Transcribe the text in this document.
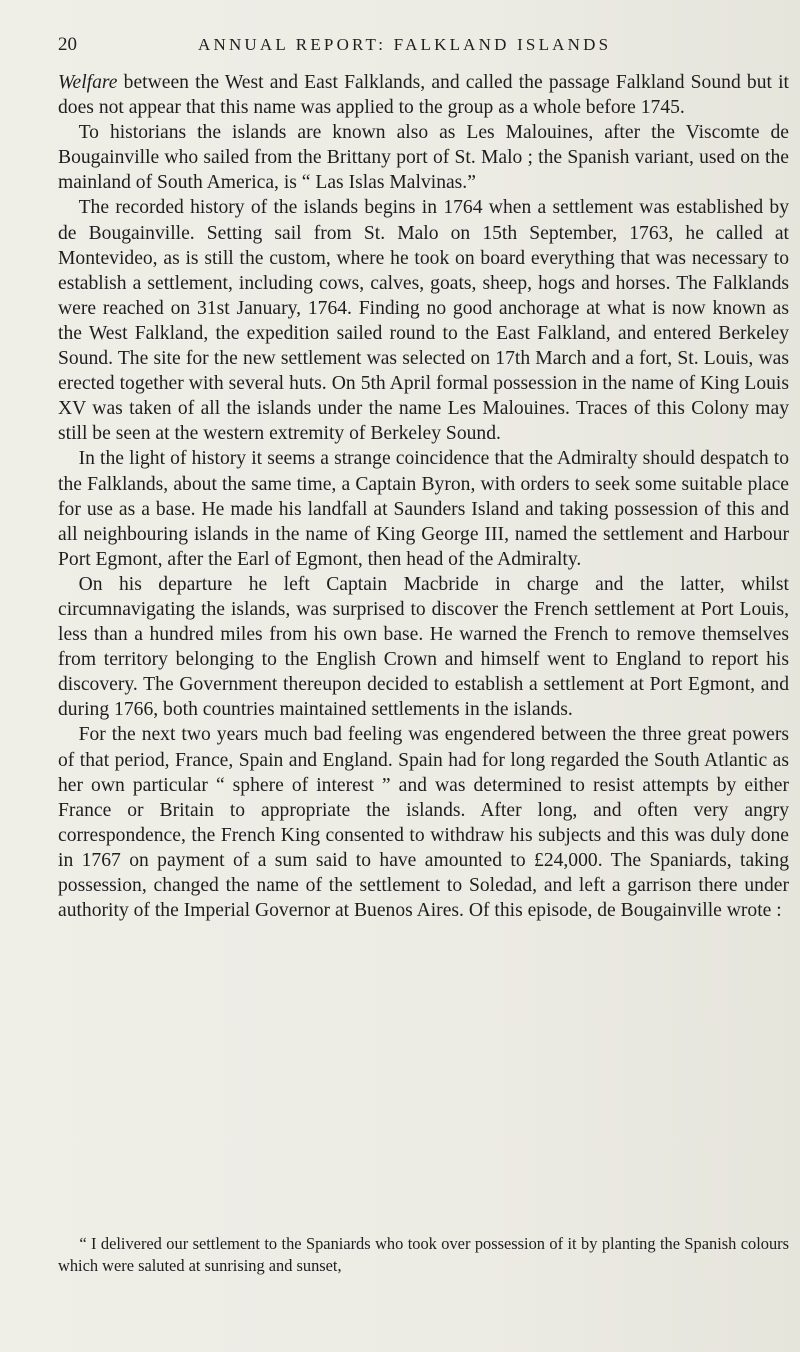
20	ANNUAL REPORT: FALKLAND ISLANDS

Welfare between the West and East Falklands, and called the passage Falkland Sound but it does not appear that this name was applied to the group as a whole before 1745.

To historians the islands are known also as Les Malouines, after the Viscomte de Bougainville who sailed from the Brittany port of St. Malo ; the Spanish variant, used on the mainland of South America, is “ Las Islas Malvinas.”

The recorded history of the islands begins in 1764 when a settlement was established by de Bougainville. Setting sail from St. Malo on 15th September, 1763, he called at Montevideo, as is still the custom, where he took on board everything that was necessary to establish a settlement, including cows, calves, goats, sheep, hogs and horses. The Falklands were reached on 31st January, 1764. Finding no good anchorage at what is now known as the West Falkland, the expedition sailed round to the East Falkland, and entered Berkeley Sound. The site for the new settlement was selected on 17th March and a fort, St. Louis, was erected together with several huts. On 5th April formal possession in the name of King Louis XV was taken of all the islands under the name Les Malouines. Traces of this Colony may still be seen at the western extremity of Berkeley Sound.

In the light of history it seems a strange coincidence that the Admiralty should despatch to the Falklands, about the same time, a Captain Byron, with orders to seek some suitable place for use as a base. He made his landfall at Saunders Island and taking possession of this and all neighbouring islands in the name of King George III, named the settlement and Harbour Port Egmont, after the Earl of Egmont, then head of the Admiralty.

On his departure he left Captain Macbride in charge and the latter, whilst circumnavigating the islands, was surprised to discover the French settlement at Port Louis, less than a hundred miles from his own base. He warned the French to remove themselves from territory belonging to the English Crown and himself went to England to report his discovery. The Government thereupon decided to establish a settlement at Port Egmont, and during 1766, both countries maintained settlements in the islands.

For the next two years much bad feeling was engendered between the three great powers of that period, France, Spain and England. Spain had for long regarded the South Atlantic as her own particular “ sphere of interest ” and was determined to resist attempts by either France or Britain to appropriate the islands. After long, and often very angry correspondence, the French King consented to withdraw his subjects and this was duly done in 1767 on payment of a sum said to have amounted to £24,000. The Spaniards, taking possession, changed the name of the settlement to Soledad, and left a garrison there under authority of the Imperial Governor at Buenos Aires. Of this episode, de Bougainville wrote :

“ I delivered our settlement to the Spaniards who took over possession of it by planting the Spanish colours which were saluted at sunrising and sunset,
